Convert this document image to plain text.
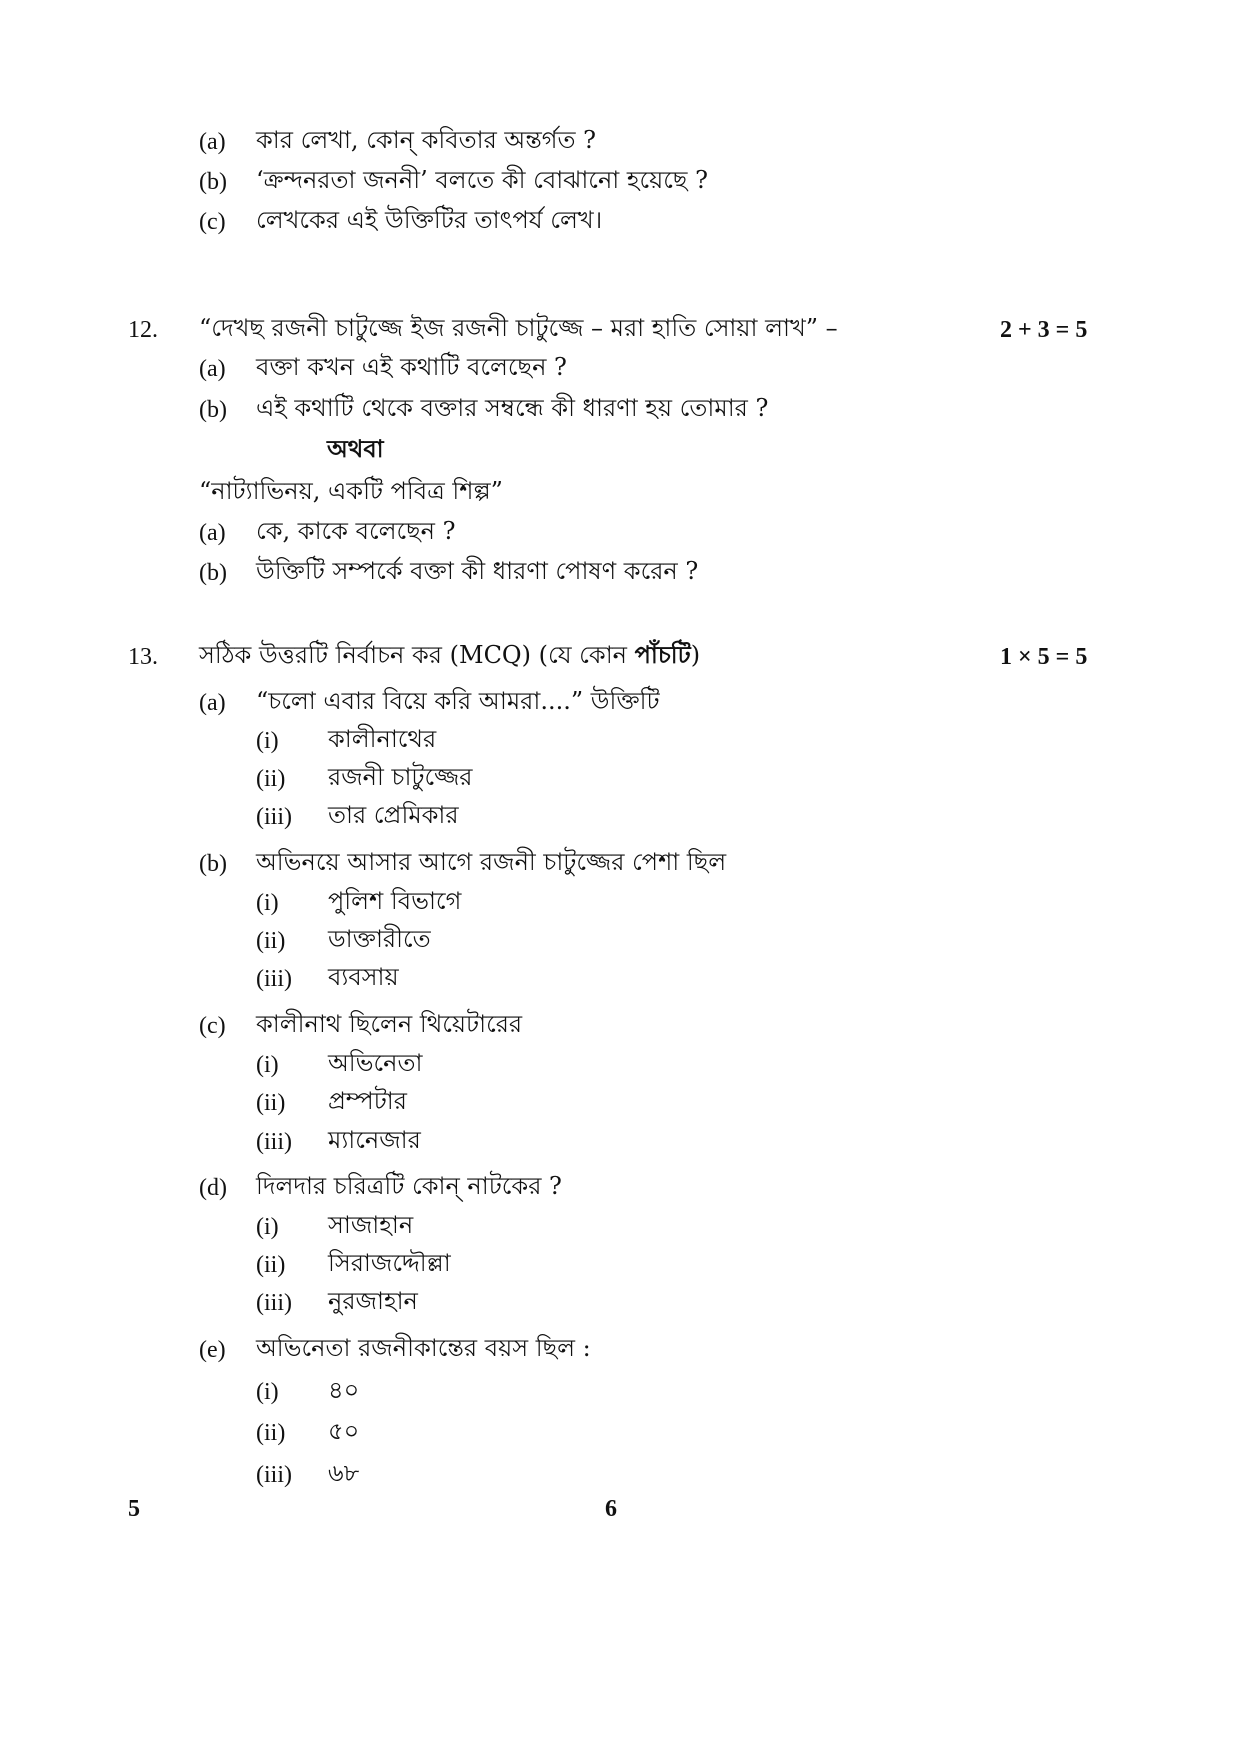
(a) কার লেখা, কোন্ কবিতার অন্তর্গত ?
(b) ‘ক্রন্দনরতা জননী’ বলতে কী বোঝানো হয়েছে ?
(c) লেখকের এই উক্তিটির তাৎপর্য লেখ।
12. “দেখছ রজনী চাটুজ্জে ইজ রজনী চাটুজ্জে – মরা হাতি সোয়া লাখ” –	2 + 3 = 5
(a) বক্তা কখন এই কথাটি বলেছেন ?
(b) এই কথাটি থেকে বক্তার সম্বন্ধে কী ধারণা হয় তোমার ?
অথবা
“নাট্যাভিনয়, একটি পবিত্র শিল্প”
(a) কে, কাকে বলেছেন ?
(b) উক্তিটি সম্পর্কে বক্তা কী ধারণা পোষণ করেন ?
13. সঠিক উত্তরটি নির্বাচন কর (MCQ) (যে কোন পাঁচটি)	1 × 5 = 5
(a) “চলো এবার বিয়ে করি আমরা....” উক্তিটি
(i) কালীনাথের
(ii) রজনী চাটুজ্জের
(iii) তার প্রেমিকার
(b) অভিনয়ে আসার আগে রজনী চাটুজ্জের পেশা ছিল
(i) পুলিশ বিভাগে
(ii) ডাক্তারীতে
(iii) ব্যবসায়
(c) কালীনাথ ছিলেন থিয়েটারের
(i) অভিনেতা
(ii) প্রম্পটার
(iii) ম্যানেজার
(d) দিলদার চরিত্রটি কোন্ নাটকের ?
(i) সাজাহান
(ii) সিরাজদ্দৌল্লা
(iii) নুরজাহান
(e) অভিনেতা রজনীকান্তের বয়স ছিল :
(i) ৪০
(ii) ৫০
(iii) ৬৮
5	6
